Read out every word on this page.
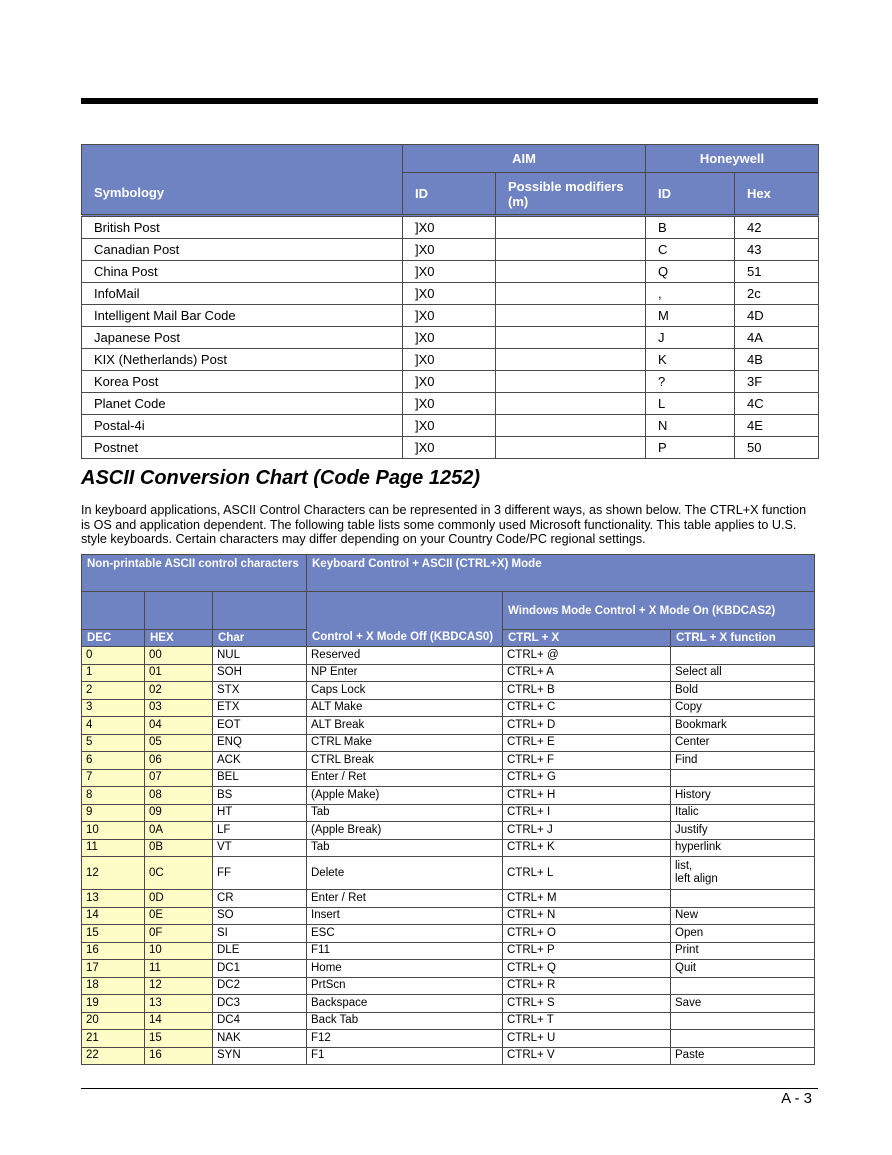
Symbology	AIM		Honeywell	
	ID	Possible modifiers (m)	ID	Hex
British Post	]X0		B	42
Canadian Post	]X0		C	43
China Post	]X0		Q	51
InfoMail	]X0		,	2c
Intelligent Mail Bar Code	]X0		M	4D
Japanese Post	]X0		J	4A
KIX (Netherlands) Post	]X0		K	4B
Korea Post	]X0		?	3F
Planet Code	]X0		L	4C
Postal-4i	]X0		N	4E
Postnet	]X0		P	50
ASCII Conversion Chart (Code Page 1252)
In keyboard applications, ASCII Control Characters can be represented in 3 different ways, as shown below. The CTRL+X function is OS and application dependent. The following table lists some commonly used Microsoft functionality. This table applies to U.S. style keyboards. Certain characters may differ depending on your Country Code/PC regional settings.
Non-printable ASCII control characters			Keyboard Control + ASCII (CTRL+X) Mode		
			Control + X Mode Off (KBDCAS0)	Windows Mode Control + X Mode On (KBDCAS2)	
DEC	HEX	Char		CTRL + X	CTRL + X function
0	00	NUL	Reserved	CTRL+ @	
1	01	SOH	NP Enter	CTRL+ A	Select all
2	02	STX	Caps Lock	CTRL+ B	Bold
3	03	ETX	ALT Make	CTRL+ C	Copy
4	04	EOT	ALT Break	CTRL+ D	Bookmark
5	05	ENQ	CTRL Make	CTRL+ E	Center
6	06	ACK	CTRL Break	CTRL+ F	Find
7	07	BEL	Enter / Ret	CTRL+ G	
8	08	BS	(Apple Make)	CTRL+ H	History
9	09	HT	Tab	CTRL+ I	Italic
10	0A	LF	(Apple Break)	CTRL+ J	Justify
11	0B	VT	Tab	CTRL+ K	hyperlink
12	0C	FF	Delete	CTRL+ L	list,
left align
13	0D	CR	Enter / Ret	CTRL+ M	
14	0E	SO	Insert	CTRL+ N	New
15	0F	SI	ESC	CTRL+ O	Open
16	10	DLE	F11	CTRL+ P	Print
17	11	DC1	Home	CTRL+ Q	Quit
18	12	DC2	PrtScn	CTRL+ R	
19	13	DC3	Backspace	CTRL+ S	Save
20	14	DC4	Back Tab	CTRL+ T	
21	15	NAK	F12	CTRL+ U	
22	16	SYN	F1	CTRL+ V	Paste
A - 3
